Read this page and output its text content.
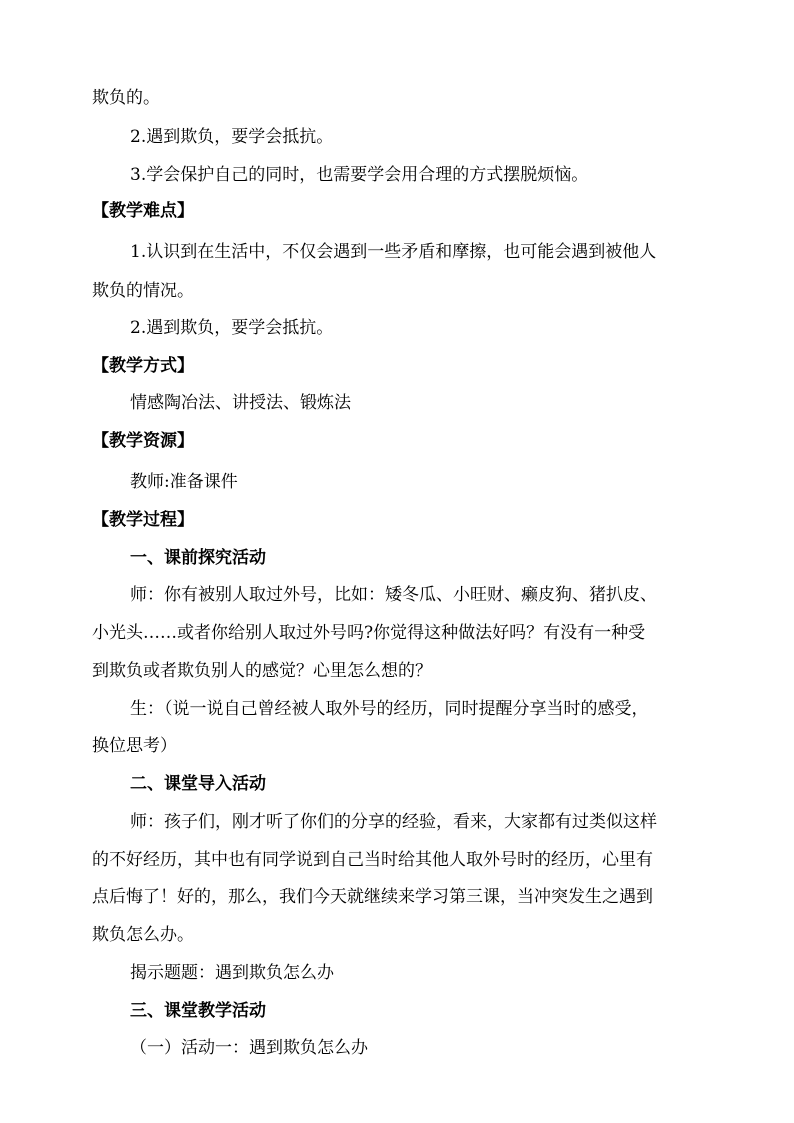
欺负的。
2.遇到欺负，要学会抵抗。
3.学会保护自己的同时，也需要学会用合理的方式摆脱烦恼。
【教学难点】
1.认识到在生活中，不仅会遇到一些矛盾和摩擦，也可能会遇到被他人
欺负的情况。
2.遇到欺负，要学会抵抗。
【教学方式】
情感陶冶法、讲授法、锻炼法
【教学资源】
教师:准备课件
【教学过程】
一、课前探究活动
师：你有被别人取过外号，比如：矮冬瓜、小旺财、癞皮狗、猪扒皮、
小光头……或者你给别人取过外号吗?你觉得这种做法好吗？有没有一种受
到欺负或者欺负别人的感觉？心里怎么想的？
生：（说一说自己曾经被人取外号的经历，同时提醒分享当时的感受，
换位思考）
二、课堂导入活动
师：孩子们，刚才听了你们的分享的经验，看来，大家都有过类似这样
的不好经历，其中也有同学说到自己当时给其他人取外号时的经历，心里有
点后悔了！好的，那么，我们今天就继续来学习第三课，当冲突发生之遇到
欺负怎么办。
揭示题题：遇到欺负怎么办
三、课堂教学活动
（一）活动一：遇到欺负怎么办
